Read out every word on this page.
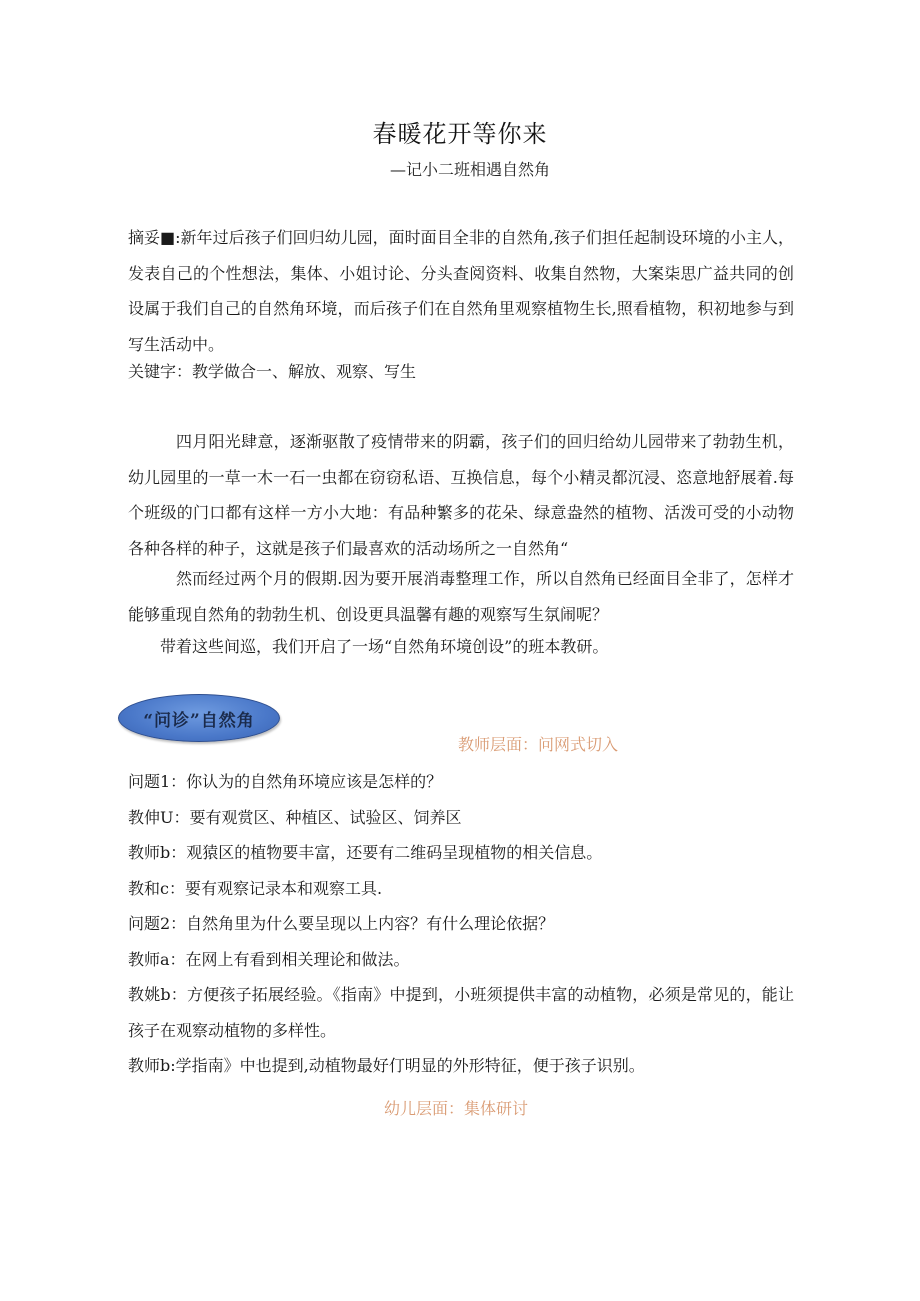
春暖花开等你来
—记小二班相遇自然角
摘妥■:新年过后孩子们回归幼儿园，面时面目全非的自然角,孩子们担任起制设环境的小主人，发表自己的个性想法，集体、小姐讨论、分头查阅资料、收集自然物，大案柒思广益共同的创设属于我们自己的自然角环境，而后孩子们在自然角里观察植物生长,照看植物，积初地参与到写生活动中。
关键字：教学做合一、解放、观察、写生
四月阳光肆意，逐渐驱散了疫情带来的阴霸，孩子们的回归给幼儿园带来了勃勃生机，幼儿园里的一草一木一石一虫都在窃窃私语、互换信息，每个小精灵都沉浸、恣意地舒展着.每个班级的门口都有这样一方小大地：有品种繁多的花朵、绿意盎然的植物、活泼可受的小动物各种各样的种子，这就是孩子们最喜欢的活动场所之一自然角“
然而经过两个月的假期.因为要开展消毒整理工作，所以自然角已经面目全非了，怎样才能够重现自然角的勃勃生机、创设更具温馨有趣的观察写生氛闹呢？
带着这些间巡，我们开启了一场“自然角环境创设”的班本教研。
“问诊”自然角
教师层面：问网式切入
问题1：你认为的自然角环境应该是怎样的？
教伸U：要有观赏区、种植区、试验区、饲养区
教师b：观猿区的植物要丰富，还要有二维码呈现植物的相关信息。
教和c：要有观察记录本和观察工具.
问题2：自然角里为什么要呈现以上内容？有什么理论依据？
教师a：在网上有看到相关理论和做法。
教姚b：方便孩子拓展经验。《指南》中提到，小班须提供丰富的动植物，必须是常见的，能让孩子在观察动植物的多样性。
教师b:学指南》中也提到,动植物最好仃明显的外形特征，便于孩子识别。
幼儿层面：集体研讨
